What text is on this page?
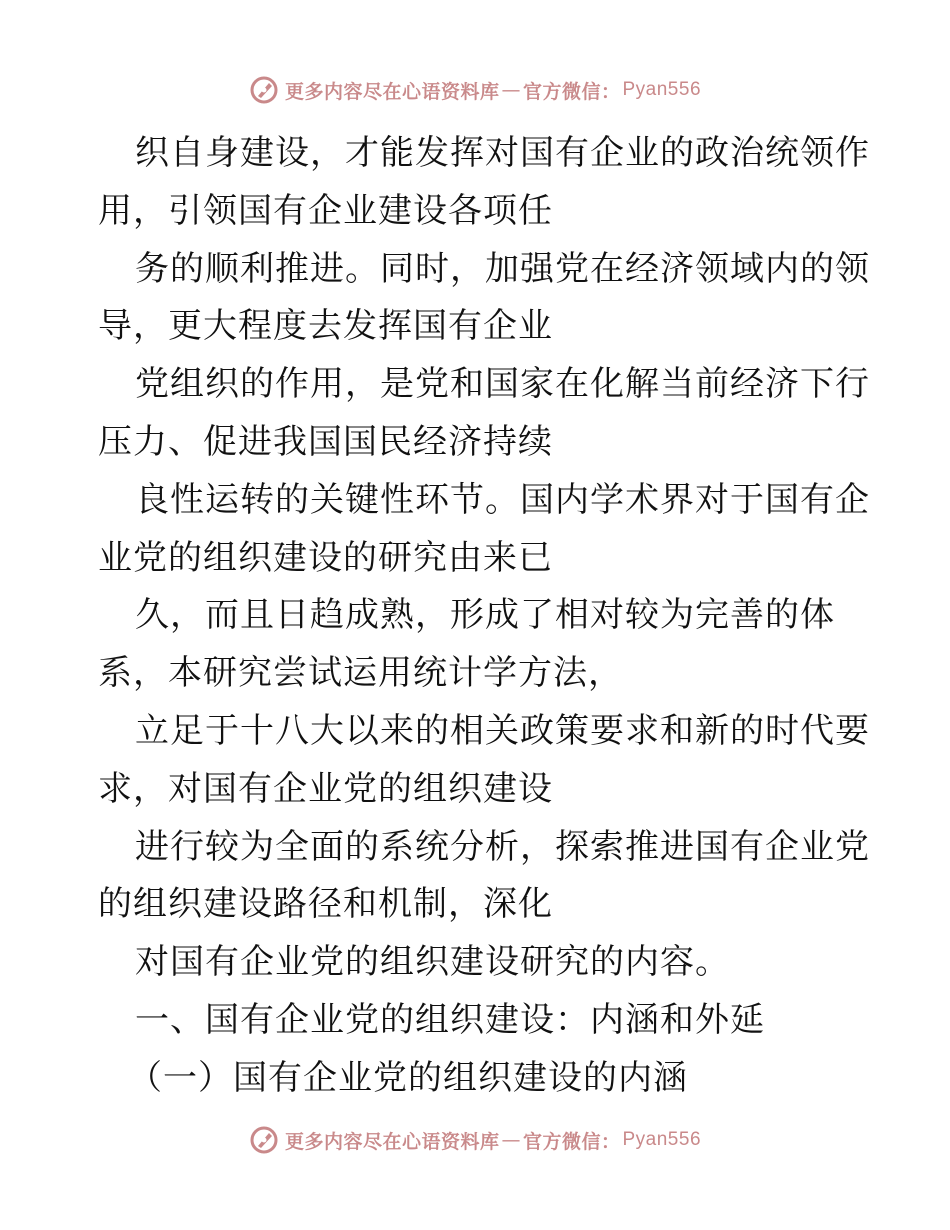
更多内容尽在心语资料库 — 官方微信： Pyan556
织自身建设，才能发挥对国有企业的政治统领作
用，引领国有企业建设各项任
务的顺利推进。同时，加强党在经济领域内的领
导，更大程度去发挥国有企业
党组织的作用，是党和国家在化解当前经济下行
压力、促进我国国民经济持续
良性运转的关键性环节。国内学术界对于国有企
业党的组织建设的研究由来已
久，而且日趋成熟，形成了相对较为完善的体
系，本研究尝试运用统计学方法，
立足于十八大以来的相关政策要求和新的时代要
求，对国有企业党的组织建设
进行较为全面的系统分析，探索推进国有企业党
的组织建设路径和机制，深化
对国有企业党的组织建设研究的内容。
一、国有企业党的组织建设：内涵和外延
（一）国有企业党的组织建设的内涵
更多内容尽在心语资料库 — 官方微信： Pyan556
